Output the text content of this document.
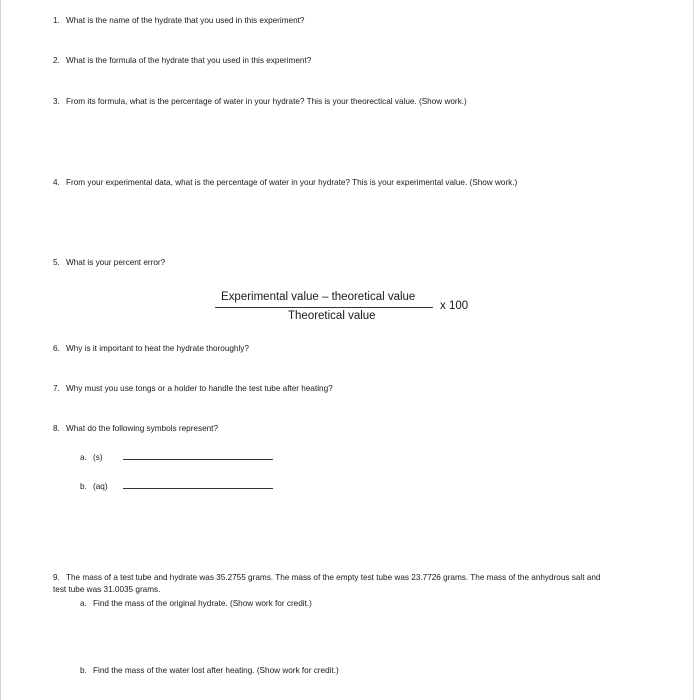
1. What is the name of the hydrate that you used in this experiment?
2. What is the formula of the hydrate that you used in this experiment?
3. From its formula, what is the percentage of water in your hydrate? This is your theorectical value. (Show work.)
4. From your experimental data, what is the percentage of water in your hydrate? This is your experimental value. (Show work.)
5. What is your percent error?
Experimental value – theoretical value
Theoretical value
x 100
6. Why is it important to heat the hydrate thoroughly?
7. Why must you use tongs or a holder to handle the test tube after heating?
8. What do the following symbols represent?
a. (s)
b. (aq)
9. The mass of a test tube and hydrate was 35.2755 grams. The mass of the empty test tube was 23.7726 grams. The mass of the anhydrous salt and test tube was 31.0035 grams.
a. Find the mass of the original hydrate. (Show work for credit.)
b. Find the mass of the water lost after heating. (Show work for credit.)
